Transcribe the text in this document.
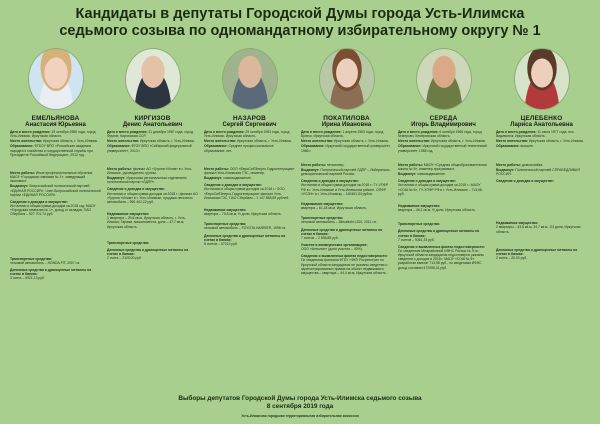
Кандидаты в депутаты Городской Думы города Усть-Илимска
седьмого созыва по одномандатному избирательному округу № 1
ЕМЕЛЬЯНОВА
Анастасия Юрьевна

Дата и место рождения: 19 октября 1986 года, город Усть-Илимск, Иркутская область.

Место жительства: Иркутская область, г. Усть-Илимск.

Образование: ФГБОУ ВПО «Российская академия народного хозяйства и государственной службы при Президенте Российской Федерации», 2012 год.

Место работы: Иные профессиональные обучение, МАОУ «Городская гимназия № 1», заведующий экономист.

Выдвинут: Всероссийской политической партией «ЕДИНАЯ РОССИЯ». Член Всероссийской политической партии «ЕДИНАЯ РОССИЯ».

Сведения о доходах и имуществе:

Источники и общая сумма доходов за 2018 год: МАОУ «Городская гимназия № 1», доход от вкладов, ПАО Сбербанк – 527 701,74 руб.

Транспортные средства:

легковой автомобиль – HONDA FIT, 2007 г.в.

Денежные средства и драгоценные металлы на счетах в банках:

3 счета – 5921,13 руб.

КИРГИЗОВ
Денис Анатольевич

Дата и место рождения: 21 декабря 1987 года, город Фрунзе, Киргизская ССР.

Место жительства: Иркутская область, г. Усть-Илимск.

Образование: ФГОУ ВПО «Сибирский федеральный университет», 2013 г.

Место работы: филиал АО «Группа «Илим» в г. Усть-Илимске, руководитель группы.

Выдвинут: Иркутским региональным отделением политической партии «ЛДПР».

Сведения о доходах и имуществе:

Источники и общая сумма доходов за 2018 г.: филиал АО «Группа «Илим» в г. Усть-Илимске, продажа легкового автомобиля – 960 402,22 руб.

Недвижимое имущество:

1 квартира – 29,6 кв.м, Иркутская область, г. Усть-Илимск; Гаражи, машиноместа, доля – 47,7 кв.м, Иркутская область.

Транспортные средства:
Денежные средства и драгоценные металлы на счетах в банках:

2 счета – 2120,00 руб.

НАЗАРОВ
Сергей Сергеевич

Дата и место рождения: 29 октября 1983 года, город Усть-Илимск, Иркутская область.

Место жительства: Иркутская область, г. Усть-Илимск.

Образование: Среднее профессиональное образование: нет.

Место работы: ООО «ЕвроСибЭнерго-Гидрогенерация» филиал Усть-Илимская ГЭС, инженер.

Выдвинут: самовыдвижение.

Сведения о доходах и имуществе:

Источники и общая сумма доходов за 2018 г.: ООО «ЕвроСибЭнерго-Гидрогенерация» филиал Усть-Илимская ГЭС, ПАО Сбербанк – 1 147 858,59 рублей.

Недвижимое имущество:

квартира – 75,8 кв.м, ½ доли, Иркутская область.

Транспортные средства:

легковой автомобиль – TOYOTA HARRIER, 1998 г.в.

Денежные средства и драгоценные металлы на счетах в банках:

8 счетов – 67213 руб.

ПОКАТИЛОВА
Ирина Ивановна

Дата и место рождения: 1 апреля 1963 года, город Братск, Иркутская область.

Место жительства: Иркутская область, г. Усть-Илимск.

Образование: Иркутский государственный университет, 1986 г.

Место работы: пенсионер.

Выдвинут: Политической партией ЛДПР – Либерально-демократической партией России.

Сведения о доходах и имуществе:

Источники и общая сумма доходов за 2018 г.: ГУ-УПФР РФ в г. Усть-Илимске и Усть-Илимском районе, ОПФР «УСЗН» и г. Усть-Илимску – 162451,34 рубля.

Недвижимое имущество:

квартира – 61,18 кв.м, Иркутская область.

Транспортные средства:

легковой автомобиль – Mitsubishi L200, 2011 г.в.

Денежные средства и драгоценные металлы на счетах в банках:

7 счетов – 2 856,85 руб.

Участие в коммерческих организациях:

ООО «Апполон» (доля участия – 40%).

Сведения о выявленных фактах недостоверности:

По сведениям филиала ФГБУ «ФКП Росреестра» по Иркутской области кандидатом не указаны сведения о зарегистрированных правах на объект недвижимого имущества – квартира – 44,4 кв.м, Иркутская область.

СЕРЕДА
Игорь Владимирович

Дата и место рождения: 6 октября 1965 года, город Кемерово, Кемеровская область.

Место жительства: Иркутская область, г. Усть-Илимск.

Образование: Иркутский государственный технический университет, 1988 год.

Место работы: МАОУ «Средняя общеобразовательная школа № 5», инженер-программист.

Выдвинут: самовыдвижение.

Сведения о доходах и имуществе:

Источники и общая сумма доходов за 2018 г.: МАОУ «СОШ № 5», ГУ-УПФР РФ в г. Усть-Илимске – 713,58 руб.

Недвижимое имущество:

квартира – 46,1 кв.м, ½ доли, Иркутская область.

Транспортные средства:
Денежные средства и драгоценные металлы на счетах в банках:

7 счетов – 9361,33 руб.

Сведения о выявленных фактах недостоверности:

По сведениям Межрайонной ИФНС России № 9 по Иркутской области кандидатом недостоверно указаны сведения о доходах в 2018 г. МАОУ «СОШ № 5» разработан выплат 713,58 руб., по сведениям ИФНС доход составил 472955,31 руб.

ЦЕЛЕБЕНКО
Лариса Анатольевна

Дата и место рождения: 11 июля 1977 года, пос. Видимонск, Иркутская область.

Место жительства: Иркутская область, г. Усть-Илимск.

Образование: высшее.

Место работы: домохозяйка.

Выдвинут: Политической партией СПРАВЕДЛИВАЯ РОССИЯ.

Сведения о доходах и имуществе:
Недвижимое имущество:

2 квартиры – 43,6 кв.м, 34,7 кв.м, 1/3 доли, Иркутская область.

Денежные средства и драгоценные металлы на счетах в банках:

2 счета – 20,00 руб.

Выборы депутатов Городской Думы города Усть-Илимска седьмого созыва
8 сентября 2019 года
Усть-Илимская городская территориальная избирательная комиссия
